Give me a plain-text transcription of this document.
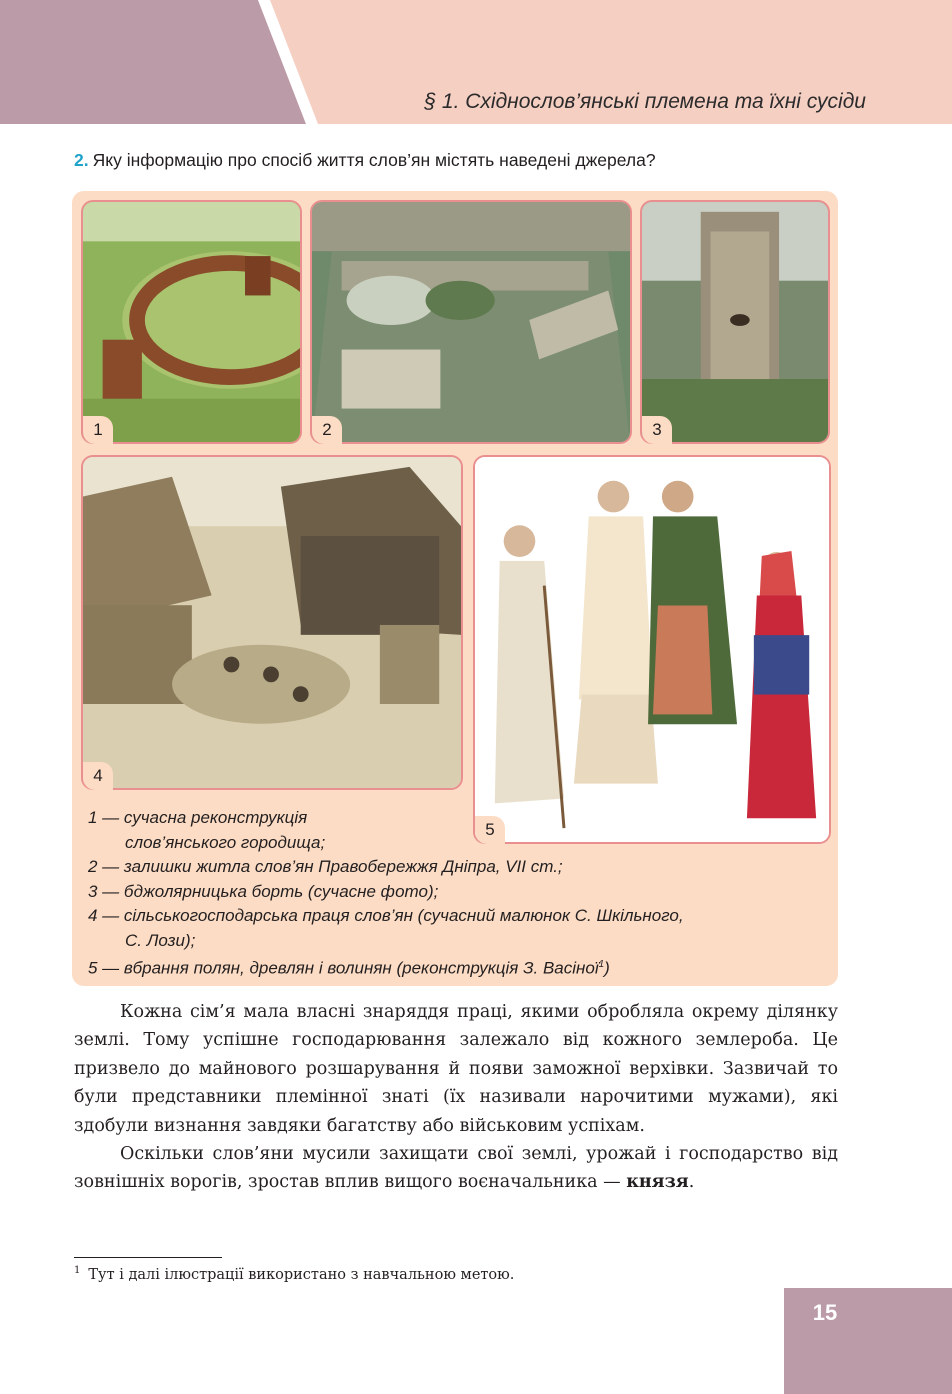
§ 1. Східнослов’янські племена та їхні сусіди
2. Яку інформацію про спосіб життя слов’ян містять наведені джерела?
1	2	3
4
5
1 — сучасна реконструкція
слов’янського городища;
2 — залишки житла слов’ян Правобережжя Дніпра, VII ст.;
3 — бджолярницька борть (сучасне фото);
4 — сільськогосподарська праця слов’ян (сучасний малюнок С. Шкільного,
С. Лози);
5 — вбрання полян, древлян і волинян (реконструкція З. Васіної$^1$)

Кожна сім’я мала власні знаряддя праці, якими обробляла окрему ділянку землі. Тому успішне господарювання залежало від кожного землероба. Це призвело до майнового розшарування й появи заможної верхівки. Зазвичай то були представники племінної знаті (їх називали нарочитими мужами), які здобули визнання завдяки багатству або військовим успіхам.

Оскільки слов’яни мусили захищати свої землі, урожай і господарство від зовнішніх ворогів, зростав вплив вищого воєначальника — князя.

$^1$ Тут і далі ілюстрації використано з навчальною метою.
15
